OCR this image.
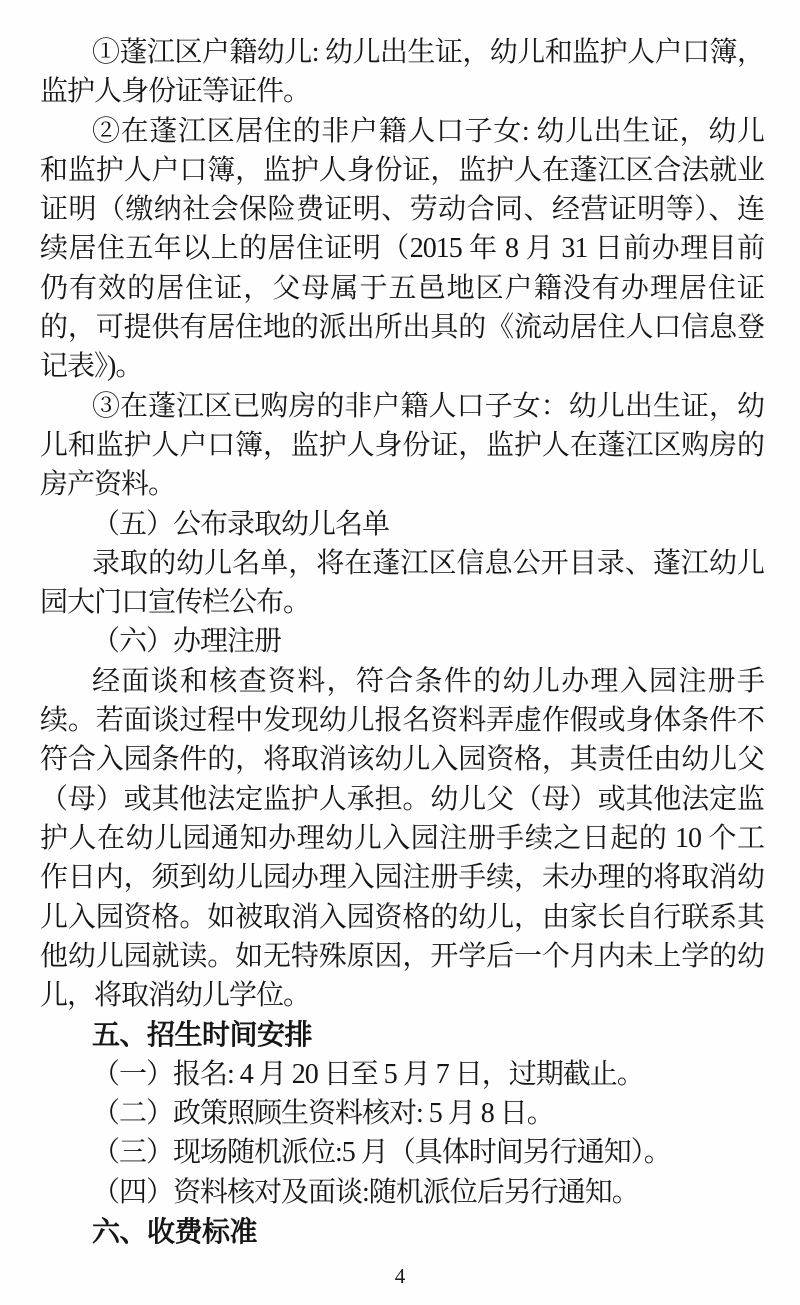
①蓬江区户籍幼儿: 幼儿出生证，幼儿和监护人户口簿，
监护人身份证等证件。
②在蓬江区居住的非户籍人口子女: 幼儿出生证，幼儿
和监护人户口簿，监护人身份证，监护人在蓬江区合法就业
证明（缴纳社会保险费证明、劳动合同、经营证明等）、连
续居住五年以上的居住证明（2015 年 8 月 31 日前办理目前
仍有效的居住证，父母属于五邑地区户籍没有办理居住证
的，可提供有居住地的派出所出具的《流动居住人口信息登
记表》)。
③在蓬江区已购房的非户籍人口子女：幼儿出生证，幼
儿和监护人户口簿，监护人身份证，监护人在蓬江区购房的
房产资料。
（五）公布录取幼儿名单
录取的幼儿名单，将在蓬江区信息公开目录、蓬江幼儿
园大门口宣传栏公布。
（六）办理注册
经面谈和核查资料，符合条件的幼儿办理入园注册手
续。若面谈过程中发现幼儿报名资料弄虚作假或身体条件不
符合入园条件的，将取消该幼儿入园资格，其责任由幼儿父
（母）或其他法定监护人承担。幼儿父（母）或其他法定监
护人在幼儿园通知办理幼儿入园注册手续之日起的 10 个工
作日内，须到幼儿园办理入园注册手续，未办理的将取消幼
儿入园资格。如被取消入园资格的幼儿，由家长自行联系其
他幼儿园就读。如无特殊原因，开学后一个月内未上学的幼
儿，将取消幼儿学位。
五、招生时间安排
（一）报名: 4 月 20 日至 5 月 7 日，过期截止。
（二）政策照顾生资料核对: 5 月 8 日。
（三）现场随机派位:5 月（具体时间另行通知）。
（四）资料核对及面谈:随机派位后另行通知。
六、收费标准
4
